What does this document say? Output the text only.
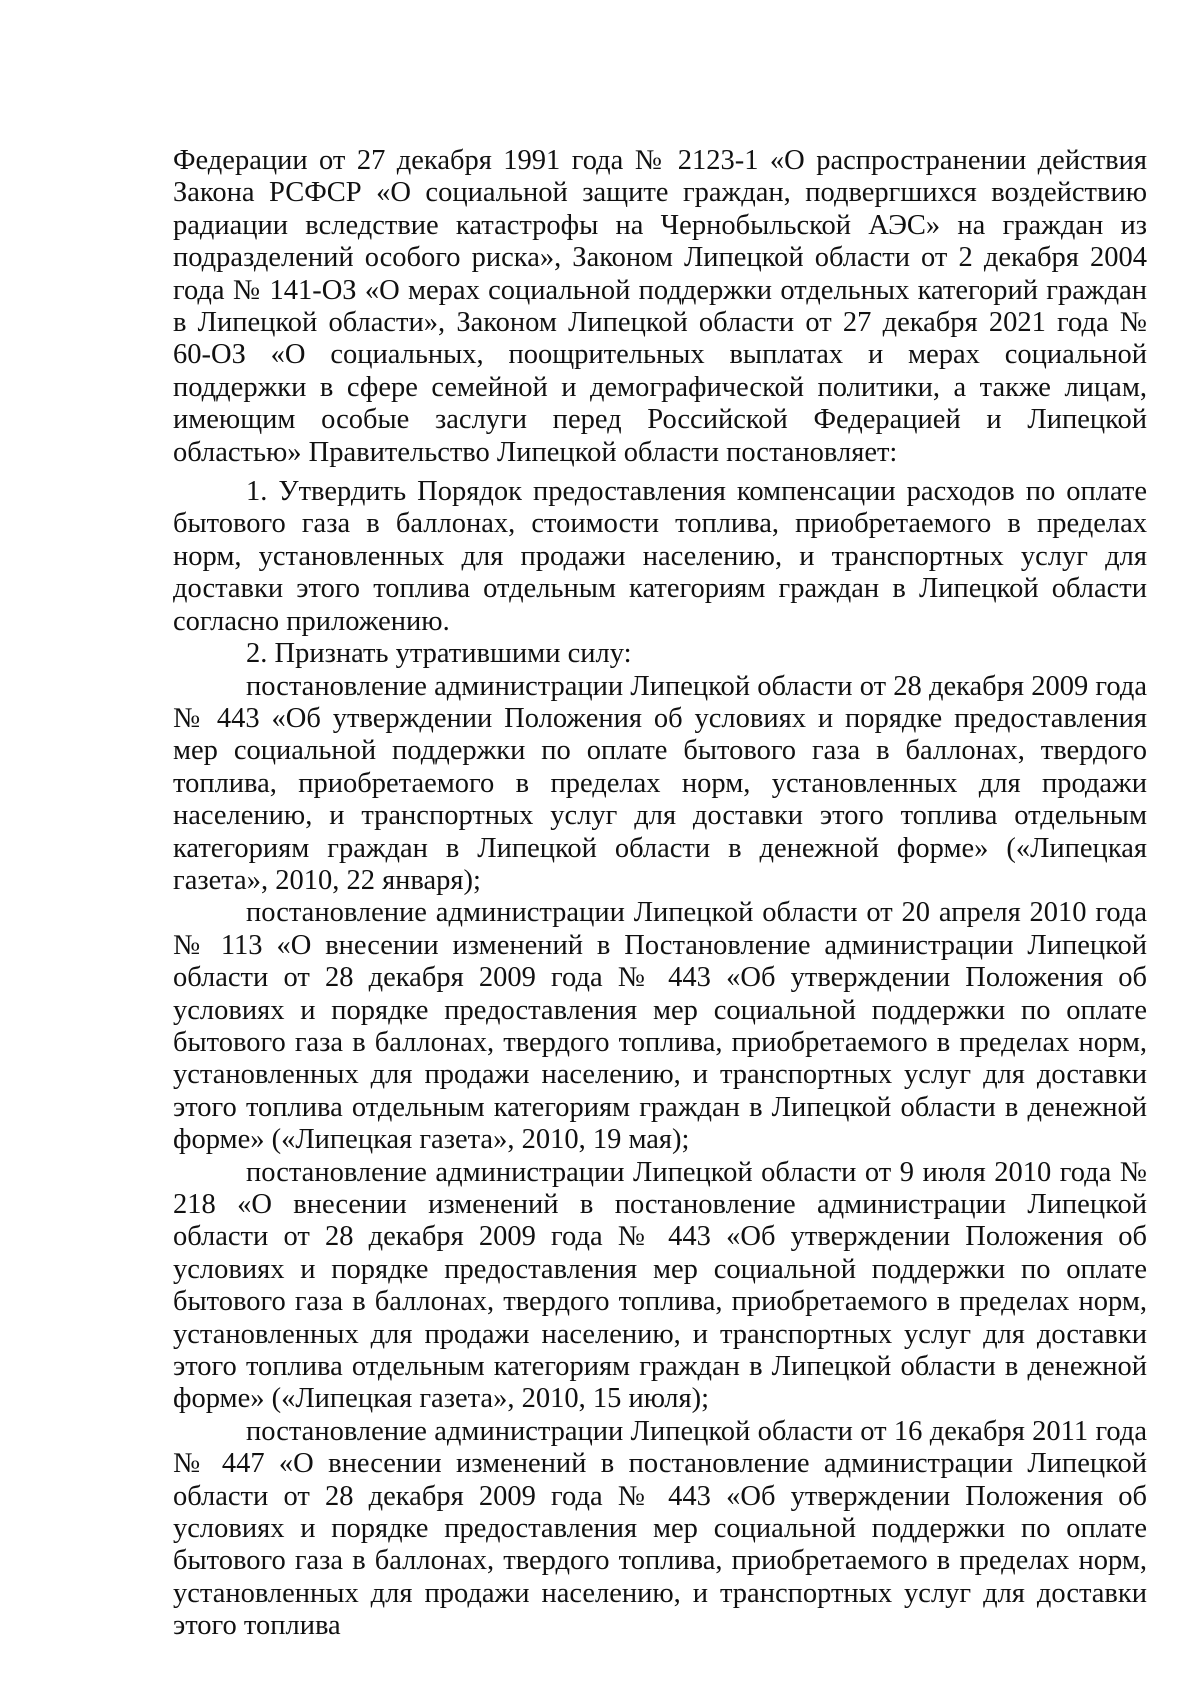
Федерации от 27 декабря 1991 года № 2123-1 «О распространении действия Закона РСФСР «О социальной защите граждан, подвергшихся воздействию радиации вследствие катастрофы на Чернобыльской АЭС» на граждан из подразделений особого риска», Законом Липецкой области от 2 декабря 2004 года № 141-ОЗ «О мерах социальной поддержки отдельных категорий граждан в Липецкой области», Законом Липецкой области от 27 декабря 2021 года № 60-ОЗ «О социальных, поощрительных выплатах и мерах социальной поддержки в сфере семейной и демографической политики, а также лицам, имеющим особые заслуги перед Российской Федерацией и Липецкой областью» Правительство Липецкой области постановляет:

1. Утвердить Порядок предоставления компенсации расходов по оплате бытового газа в баллонах, стоимости топлива, приобретаемого в пределах норм, установленных для продажи населению, и транспортных услуг для доставки этого топлива отдельным категориям граждан в Липецкой области согласно приложению.

2. Признать утратившими силу:

постановление администрации Липецкой области от 28 декабря 2009 года № 443 «Об утверждении Положения об условиях и порядке предоставления мер социальной поддержки по оплате бытового газа в баллонах, твердого топлива, приобретаемого в пределах норм, установленных для продажи населению, и транспортных услуг для доставки этого топлива отдельным категориям граждан в Липецкой области в денежной форме» («Липецкая газета», 2010, 22 января);

постановление администрации Липецкой области от 20 апреля 2010 года № 113 «О внесении изменений в Постановление администрации Липецкой области от 28 декабря 2009 года № 443 «Об утверждении Положения об условиях и порядке предоставления мер социальной поддержки по оплате бытового газа в баллонах, твердого топлива, приобретаемого в пределах норм, установленных для продажи населению, и транспортных услуг для доставки этого топлива отдельным категориям граждан в Липецкой области в денежной форме» («Липецкая газета», 2010, 19 мая);

постановление администрации Липецкой области от 9 июля 2010 года № 218 «О внесении изменений в постановление администрации Липецкой области от 28 декабря 2009 года № 443 «Об утверждении Положения об условиях и порядке предоставления мер социальной поддержки по оплате бытового газа в баллонах, твердого топлива, приобретаемого в пределах норм, установленных для продажи населению, и транспортных услуг для доставки этого топлива отдельным категориям граждан в Липецкой области в денежной форме» («Липецкая газета», 2010, 15 июля);

постановление администрации Липецкой области от 16 декабря 2011 года № 447 «О внесении изменений в постановление администрации Липецкой области от 28 декабря 2009 года № 443 «Об утверждении Положения об условиях и порядке предоставления мер социальной поддержки по оплате бытового газа в баллонах, твердого топлива, приобретаемого в пределах норм, установленных для продажи населению, и транспортных услуг для доставки этого топлива
